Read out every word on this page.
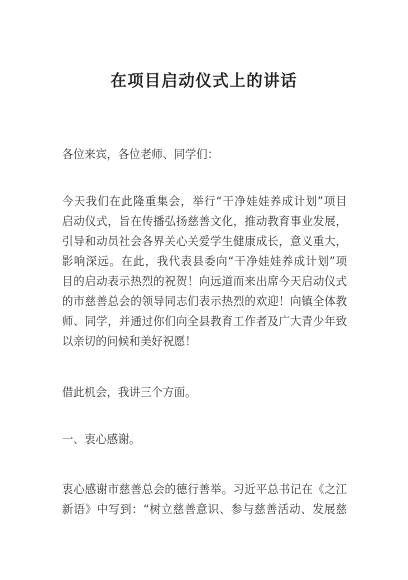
在项目启动仪式上的讲话
各位来宾，各位老师、同学们：
今天我们在此隆重集会，举行“干净娃娃养成计划”项目
启动仪式，旨在传播弘扬慈善文化，推动教育事业发展，
引导和动员社会各界关心关爱学生健康成长，意义重大，
影响深远。在此，我代表县委向“干净娃娃养成计划”项
目的启动表示热烈的祝贺！向远道而来出席今天启动仪式
的市慈善总会的领导同志们表示热烈的欢迎！向镇全体教
师、同学，并通过你们向全县教育工作者及广大青少年致
以亲切的问候和美好祝愿！
借此机会，我讲三个方面。
一、衷心感谢。
衷心感谢市慈善总会的德行善举。习近平总书记在《之江
新语》中写到：“树立慈善意识、参与慈善活动、发展慈
